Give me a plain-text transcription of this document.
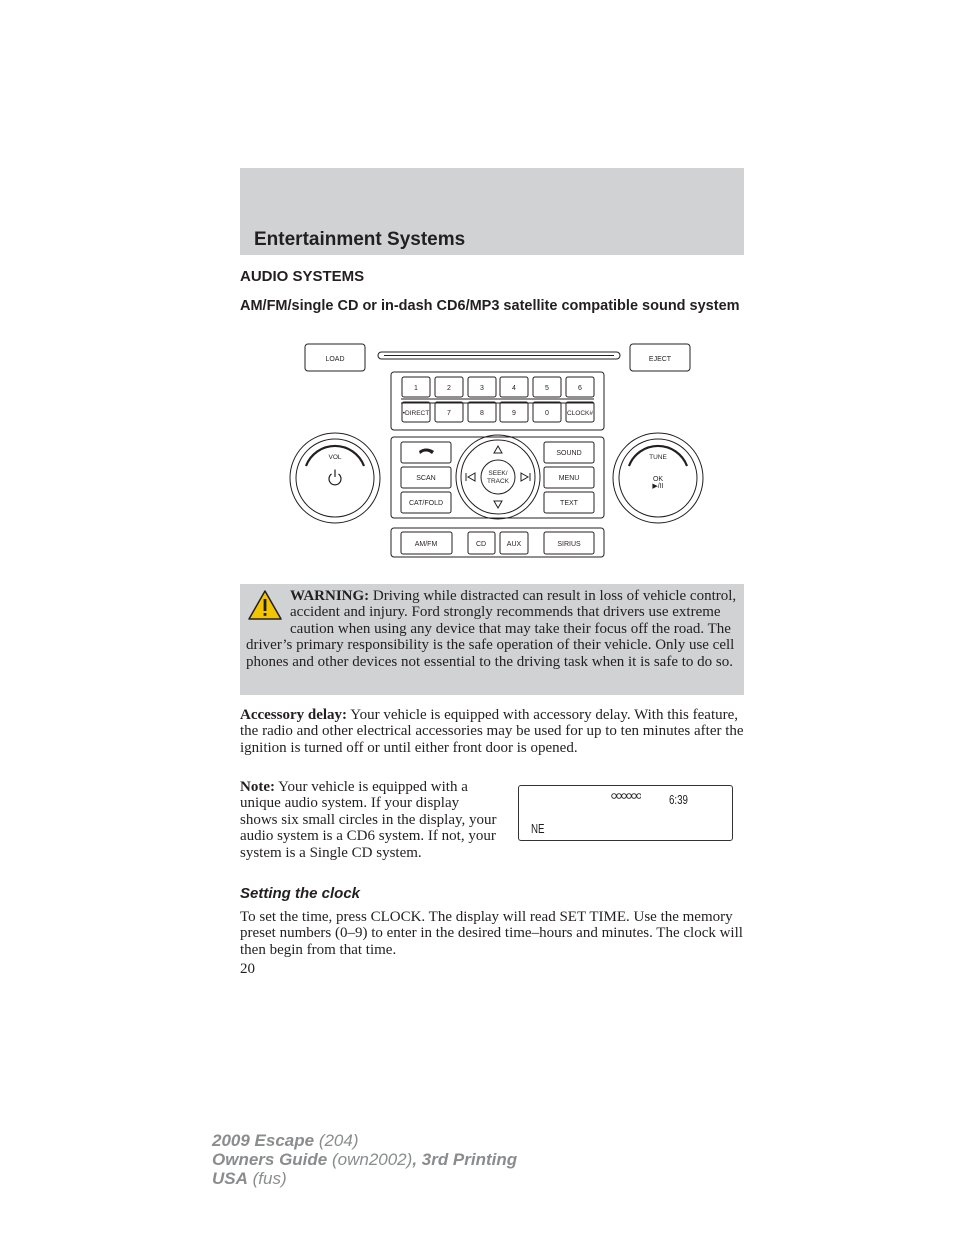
Entertainment Systems
AUDIO SYSTEMS
AM/FM/single CD or in-dash CD6/MP3 satellite compatible sound system
LOAD	EJECT
1	2	3	4	5	6
•DIRECT	7	8	9	0	CLOCK#
VOL	TUNE
OK
▶/II
SCAN
CAT/FOLD
SOUND
MENU
TEXT
SEEK/
TRACK
AM/FM	CD	AUX	SIRIUS
WARNING: Driving while distracted can result in loss of vehicle control, accident and injury. Ford strongly recommends that drivers use extreme caution when using any device that may take their focus off the road. The driver’s primary responsibility is the safe operation of their vehicle. Only use cell phones and other devices not essential to the driving task when it is safe to do so.
Accessory delay: Your vehicle is equipped with accessory delay. With this feature, the radio and other electrical accessories may be used for up to ten minutes after the ignition is turned off or until either front door is opened.
Note: Your vehicle is equipped with a unique audio system. If your display shows six small circles in the display, your audio system is a CD6 system. If not, your system is a Single CD system.
6:39
NE
Setting the clock
To set the time, press CLOCK. The display will read SET TIME. Use the memory preset numbers (0–9) to enter in the desired time–hours and minutes. The clock will then begin from that time.
20
2009 Escape (204)
Owners Guide (own2002), 3rd Printing
USA (fus)
